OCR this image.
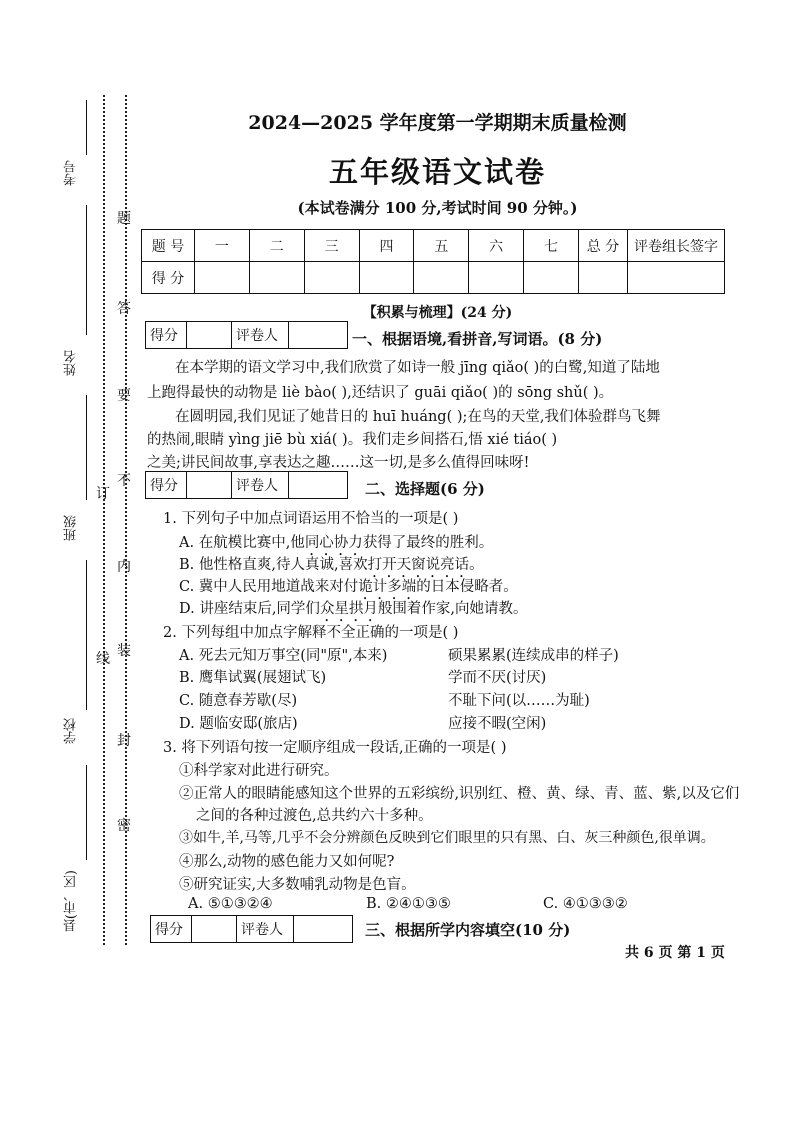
考号
姓名
班级
学校
县(市、区)
题
答
要
不
内
线
订
装
封
密
2024—2025 学年度第一学期期末质量检测
五年级语文试卷
(本试卷满分 100 分,考试时间 90 分钟。)
题 号	一	二	三	四	五	六	七	总 分	评卷组长签字
得 分									
【积累与梳理】(24 分)
得分		评卷人		一、根据语境,看拼音,写词语。(8 分)
在本学期的语文学习中,我们欣赏了如诗一般 jīng qiǎo( )的白鹭,知道了陆地
上跑得最快的动物是 liè bào( ),还结识了 guāi qiǎo( )的 sōng shǔ( )。
在圆明园,我们见证了她昔日的 huī huáng( );在鸟的天堂,我们体验群鸟飞舞
的热闹,眼睛 yìng jiē bù xiá( )。我们走乡间搭石,悟 xié tiáo( )
之美;讲民间故事,享表达之趣……这一切,是多么值得回味呀!
得分		评卷人		二、选择题(6 分)
1. 下列句子中加点词语运用不恰当的一项是( )
A. 在航模比赛中,他同心协力获得了最终的胜利。
B. 他性格直爽,待人真诚,喜欢打开天窗说亮话。
C. 冀中人民用地道战来对付诡计多端的日本侵略者。
D. 讲座结束后,同学们众星拱月般围着作家,向她请教。
2. 下列每组中加点字解释不全正确的一项是( )
A. 死去元知万事空(同"原",本来)	硕果累累(连续成串的样子)
B. 鹰隼试翼(展翅试飞)	学而不厌(讨厌)
C. 随意春芳歇(尽)	不耻下问(以……为耻)
D. 题临安邸(旅店)	应接不暇(空闲)
3. 将下列语句按一定顺序组成一段话,正确的一项是( )
①科学家对此进行研究。
②正常人的眼睛能感知这个世界的五彩缤纷,识别红、橙、黄、绿、青、蓝、紫,以及它们
之间的各种过渡色,总共约六十多种。
③如牛,羊,马等,几乎不会分辨颜色反映到它们眼里的只有黑、白、灰三种颜色,很单调。
④那么,动物的感色能力又如何呢?
⑤研究证实,大多数哺乳动物是色盲。
A. ⑤①③②④	B. ②④①③⑤	C. ④①③③②
得分		评卷人		三、根据所学内容填空(10 分)
共 6 页 第 1 页
